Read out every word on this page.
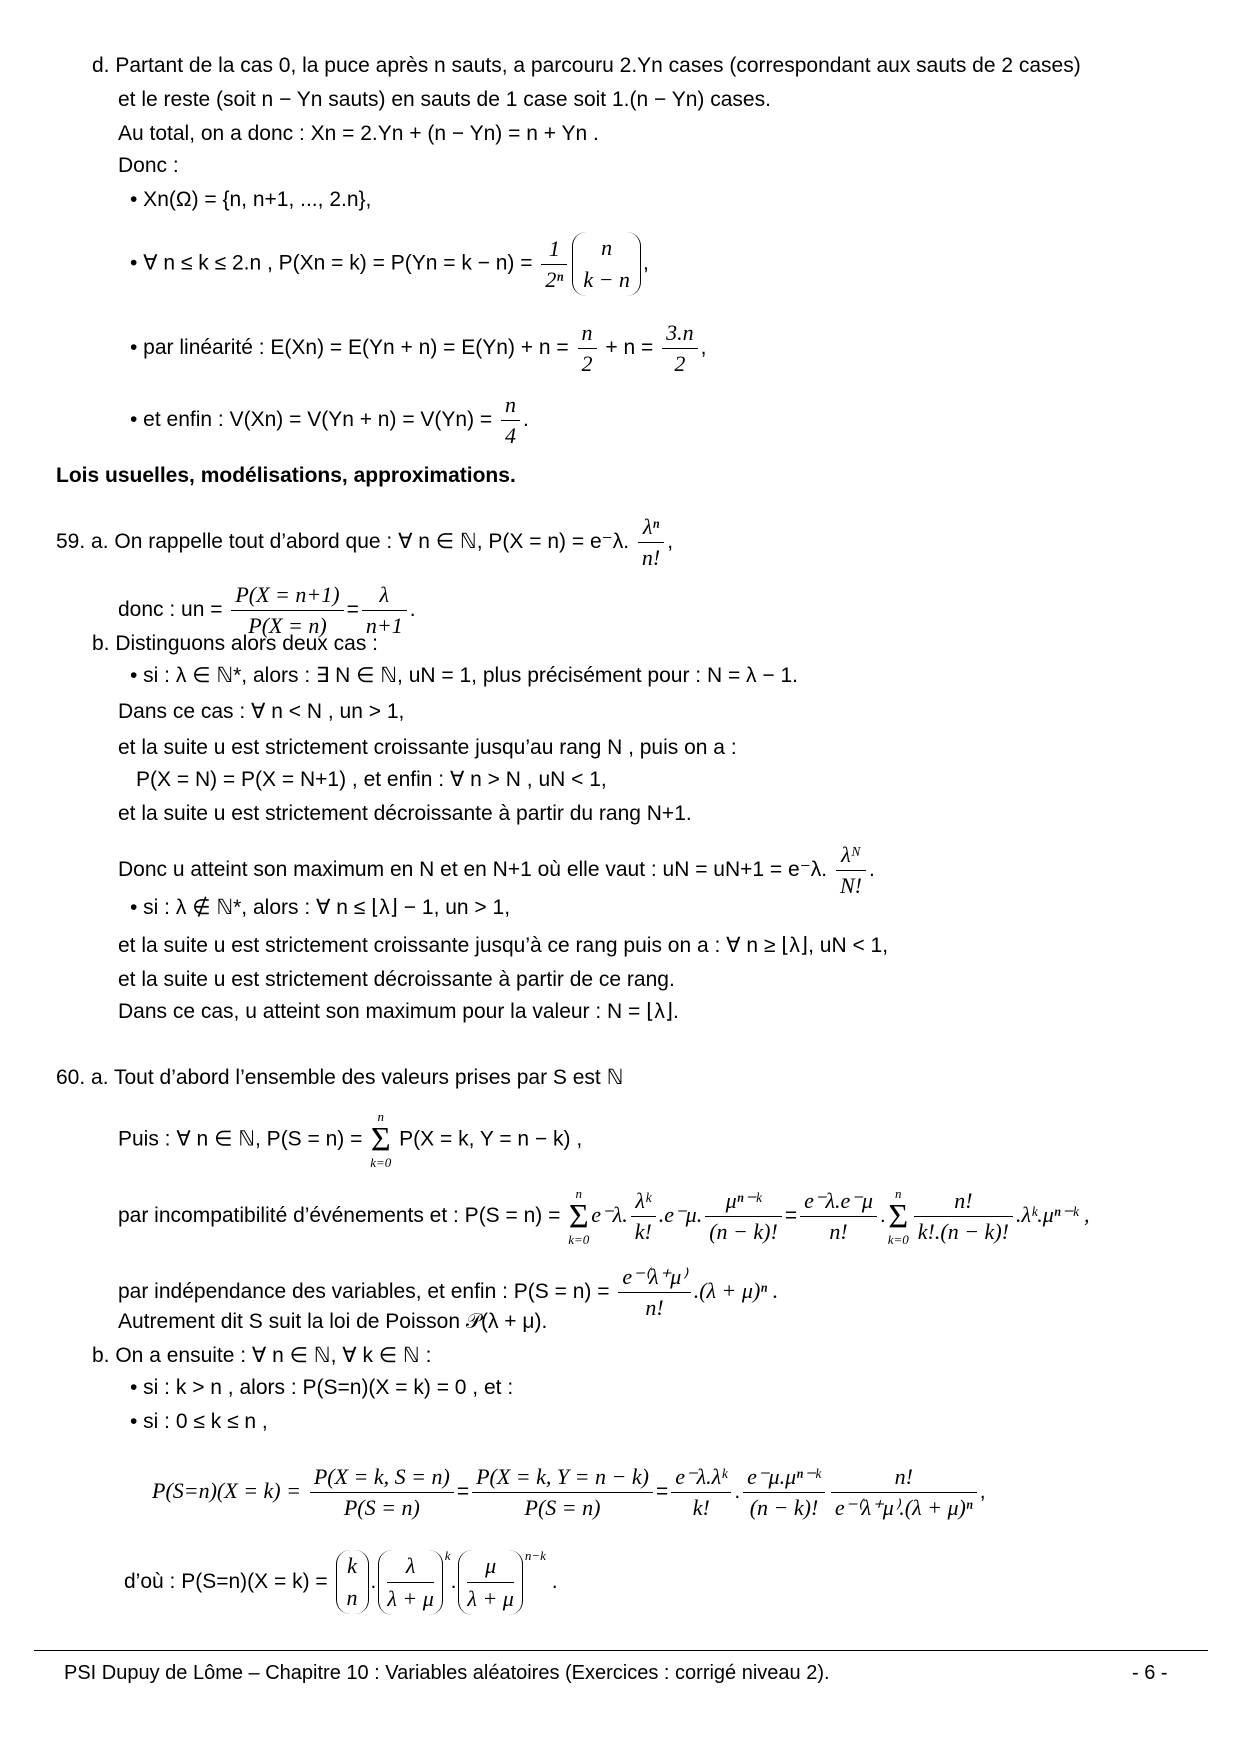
d. Partant de la cas 0, la puce après n sauts, a parcouru 2.Yn cases (correspondant aux sauts de 2 cases)
et le reste (soit n − Yn sauts) en sauts de 1 case soit 1.(n − Yn) cases.
Au total, on a donc : Xn = 2.Yn + (n − Yn) = n + Yn .
Donc :
• Xn(Ω) = {n, n+1, ..., 2.n},
• ∀ n ≤ k ≤ 2.n , $P(Xn = k) = P(Yn = k - n) = \frac{1}{\text{2ⁿ}}$	n
k − n
,
• par linéarité : $E(Xn) = E(Yn + n) = E(Yn) + n = \frac{n}{2} + n = \frac{3.n}{2}$ ,
• et enfin : $V(Xn) = V(Yn + n) = V(Yn) = \frac{n}{4}$ .
Lois usuelles, modélisations, approximations.
59. a. On rappelle tout d’abord que : ∀ n ∈ ℕ, P(X = n) = e⁻λ. $\frac{\text{λⁿ}}{n!}$ ,
donc : un = $\frac{P(X = n+1)}{P(X = n)} = \frac{\lambda}{n+1}$ .
b. Distinguons alors deux cas :
• si : λ ∈ ℕ*, alors : ∃ N ∈ ℕ, uN = 1, plus précisément pour : N = λ − 1.
Dans ce cas : ∀ n < N , un > 1,
et la suite u est strictement croissante jusqu’au rang N , puis on a :
P(X = N) = P(X = N+1) , et enfin : ∀ n > N , uN < 1,
et la suite u est strictement décroissante à partir du rang N+1.
Donc u atteint son maximum en N et en N+1 où elle vaut : uN = uN+1 = e⁻λ. $\frac{\text{λᴺ}}{N!}$ .
• si : λ ∉ ℕ*, alors : ∀ n ≤ ⌊λ⌋ − 1, un > 1,
et la suite u est strictement croissante jusqu’à ce rang puis on a : ∀ n ≥ ⌊λ⌋, uN < 1,
et la suite u est strictement décroissante à partir de ce rang.
Dans ce cas, u atteint son maximum pour la valeur : N = ⌊λ⌋.
60. a. Tout d’abord l’ensemble des valeurs prises par S est ℕ
Puis : ∀ n ∈ ℕ, P(S = n) = n
Σ
k=0 P(X = k, Y = n − k) ,
par incompatibilité d’événements et : P(S = n) = n
Σ
k=0e⁻λ. $\frac{\text{λᵏ}}{k!} .e^-\mu$. $\frac{\text{μⁿ⁻ᵏ}}{(n - k)!} = \frac{e^-\lambda.e^-\mu}{n!} .n$
Σ
$k=0 \frac{n!}{k!.(n - k)!}$ .λᵏ.μⁿ⁻ᵏ ,
par indépendance des variables, et enfin : $P(S = n) = \frac{e^{-(}\lambda^+\mu^)}{n!} .(\lambda + \mu)^n$ .
Autrement dit S suit la loi de Poisson 𝒫(λ + μ).
b. On a ensuite : ∀ n ∈ ℕ, ∀ k ∈ ℕ :
• si : k > n , alors : P(S=n)(X = k) = 0 , et :
• si : 0 ≤ k ≤ n ,
$P(S=n)(X = k) = \frac{P(X = k, S = n)}{P(S = n)} = \frac{P(X = k, Y = n - k)}{P(S = n)} = \frac{\text{e⁻λ.λᵏ}}{k!}$ . $\frac{\text{e⁻μ.μⁿ⁻ᵏ}}{(n - k)!} \frac{n!}{\text{e⁻⁽λ⁺μ⁾.(λ + μ)ⁿ}}$ ,
d’où : P(S=n)(X = k) =
k
n
. $\frac{\lambda}{\lambda + \mu} ^k$. $\frac{\mu}{\lambda + \mu} ^{n-k}$ .
PSI Dupuy de Lôme – Chapitre 10 : Variables aléatoires (Exercices : corrigé niveau 2).	- 6 -
